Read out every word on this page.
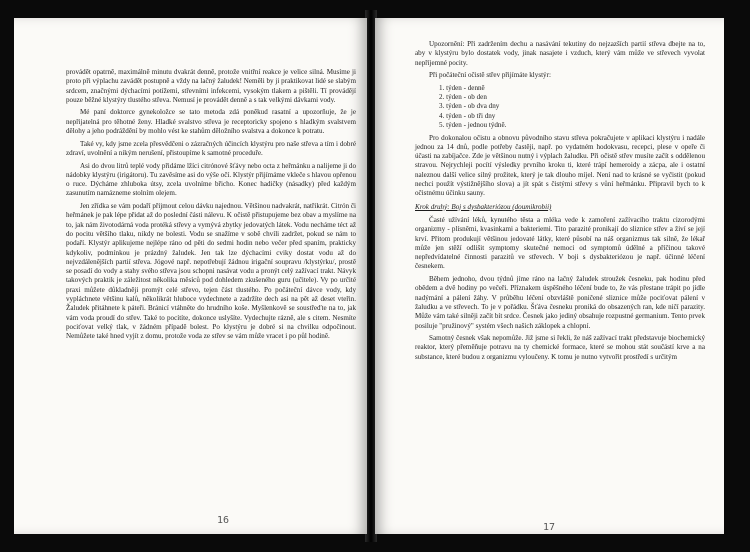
provádět opatrně, maximálně minutu dvakrát denně, protože vnitřní reakce je velice silná. Musíme ji proto při výplachu zavádět postupně a vždy na lačný žaludek! Neměli by ji praktikovat lidé se slabým srdcem, značnými dýchacími potížemi, střevními infekcemi, vysokým tlakem a pištěli. Tí provádějí pouze běžné klystýry tlustého střeva. Nemusí je provádět denně a s tak velkými dávkami vody.

Mé paní doktorce gynekoložce se tato metoda zdá poněkud rasatní a upozorňuje, že je nepřijatelná pro těhotné ženy. Hladké svalstvo střeva je receptoricky spojeno s hladkým svalstvem dělohy a jeho podráždění by mohlo vést ke stahům děložního svalstva a dokonce k potratu.

Také vy, kdy jsme zcela přesvědčeni o zázračných účincích klystýru pro naše střeva a tím i dobré zdraví, uvolnění a nikým nerušení, přistoupíme k samotné proceduře.

Asi do dvou litrů teplé vody přidáme lžíci citrónové šťávy nebo octa z heřmánku a nalijeme ji do nádobky klystýru (irigátoru). Tu zavěsíme asi do výše očí. Klystýr přijímáme vkleče s hlavou opřenou o ruce. Dýcháme zhluboka útsy, zcela uvolníme břicho. Konec hadičky (násadky) před každým zasunutím namázneme stolním olejem.

Jen zřídka se vám podaří přijmout celou dávku najednou. Většinou nadvakrát, natřikrát. Citrón či heřmánek je pak lépe přidat až do poslední části nálevu. K očistě přistupujeme bez obav a myslíme na to, jak nám životodárná voda protéká střevy a vymývá zbytky jedovatých látek. Vodu necháme téct až do pocitu většího tlaku, nikdy ne bolesti. Vodu se snažíme v sobě chvíli zadržet, pokud se nám to podaří. Klystýr aplikujeme nejlépe ráno od pěti do sedmi hodin nebo večer před spaním, prakticky kdykoliv, podmínkou je prázdný žaludek. Jen tak lze dýchacími cviky dostat vodu až do nejvzdálenějších partií střeva. Jógové např. nepotřebují žádnou irigační soupravu /klystýrku/, prostě se posadí do vody a stahy svého střeva jsou schopni nasávat vodu a pronýt celý zažívací trakt. Návyk takových praktik je záležitost několika měsíců pod dohledem zkušeného guru (učitele). Vy po určité praxi můžete důkladněji promýt celé střevo, tejen část tlustého. Po počáteční dávce vody, kdy vypláchnete většinu kalů, několikrát hluboce vydechnete a zadržíte dech asi na pět až deset vteřin. Žaludek přitáhnete k páteři. Bránicí vtáhněte do hrudního koše. Myšlenkově se soustřeďte na to, jak vám voda proudí do střev. Také to pocítíte, dokonce uslyšíte. Vydechujte rázně, ale s citem. Nesmíte pociťovat velký tlak, v žádném případě bolest. Po klystýru je dobré si na chvilku odpočinout. Nemůžete také hned vyjít z domu, protože voda ze střev se vám může vracet i po půl hodině.

16

Upozornění: Při zadržením dechu a nasávání tekutiny do nejzazších partií střeva dbejte na to, aby v klystýru bylo dostatek vody, jinak nasajete i vzduch, který vám může ve střevech vyvolat nepříjemné pocity.

Při počáteční očistě střev přijímáte klystýr:

1. týden - denně
2. týden - ob den
3. týden - ob dva dny
4. týden - ob tři dny
5. týden - jednou týdně.

Pro dokonalou očistu a obnovu původního stavu střeva pokračujete v aplikaci klystýru i nadále jednou za 14 dnů, podle potřeby častěji, např. po vydatném hodokvasu, recepci, plese v opeře či účasti na zabíjačce. Zde je většinou nutný i výplach žaludku. Při očistě střev musíte začít s oddělenou stravou. Nejrychleji pocítí výsledky prvního kroku ti, které trápí hemeroidy a zácpa, ale i ostatní naleznou další velice silný prožitek, který je tak dlouho míjel. Není nad to krásné se vyčistit (pokud nechci použít výstižnějšího slova) a jít spát s čistými střevy s vůní heřmánku. Připravil bych to k očistnému účinku sauny.

Krok druhý: Boj s dysbakteriózou (doumikrobii)

Časté užívání léků, kynutého těsta a mléka vede k zamoření zažívacího traktu cizorodými organizmy - plísněmi, kvasinkami a bakteriemi. Tito parazité pronikají do sliznice střev a živí se její krví. Přitom produkují většinou jedovaté látky, které působí na náš organizmus tak silně, že lékař může jen stěží odlišit symptomy skutečné nemoci od symptomů údělné a příčinou takové nepředvídatelné činnosti parazitů ve střevech. V boji s dysbakteriózou je např. účinné léčení česnekem.

Během jednoho, dvou týdnů jíme ráno na lačný žaludek stroužek česneku, pak hodinu před obědem a dvě hodiny po večeři. Příznakem úspěšného léčení bude to, že vás přestane trápit po jídle nadýmání a pálení žáhy. V průběhu léčení obzvláště poničené sliznice může pociťovat pálení v žaludku a ve střevech. To je v pořádku. Šťáva česneku proniká do obsazených ran, kde ničí parazity. Může vám také silněji začít bít srdce. Česnek jako jediný obsahuje rozpustné germanium. Tento prvek posiluje "pružinový" systém všech našich záklopek a chlopní.

Samotný česnek však nepomůže. Již jsme si řekli, že náš zažívací trakt představuje biochemický reaktor, který přeměňuje potravu na ty chemické formace, které se mohou stát součástí krve a na substance, které budou z organizmu vyloučeny. K tomu je nutno vytvořit prostředí s určitým

17
